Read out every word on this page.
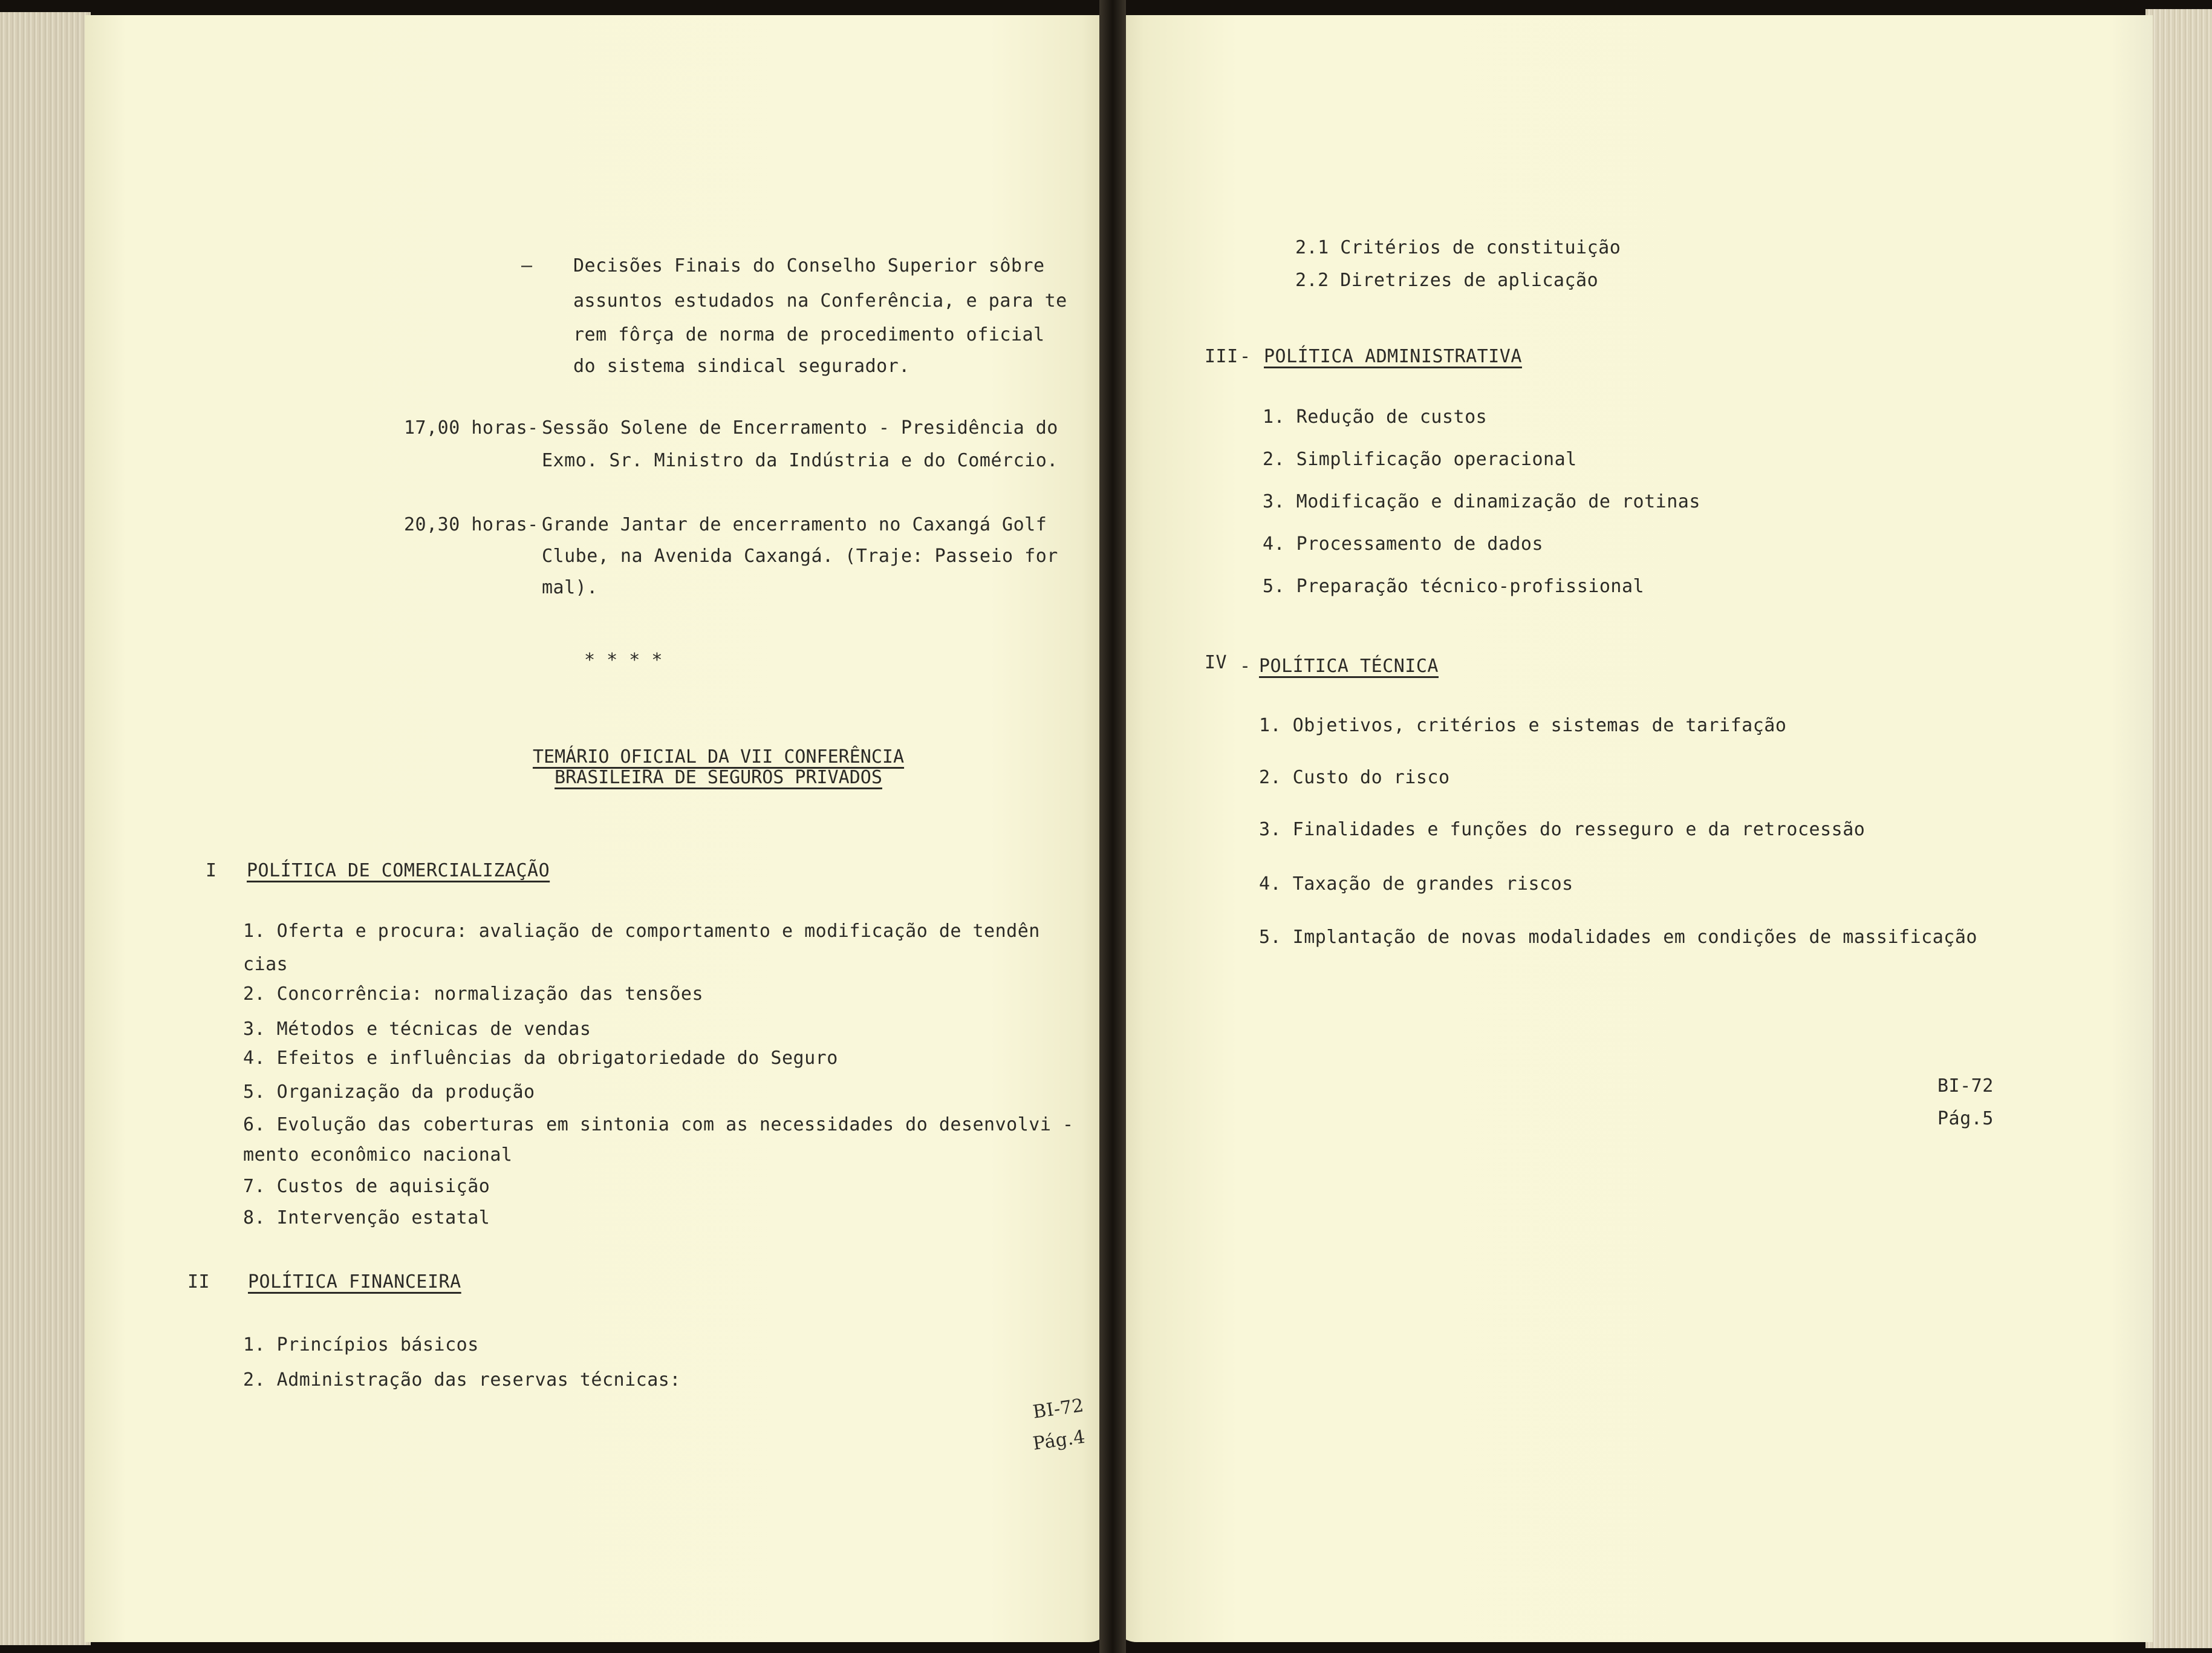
— Decisões Finais do Conselho Superior sôbre
assuntos estudados na Conferência, e para te
rem fôrça de norma de procedimento oficial
do sistema sindical segurador.
17,00 horas- Sessão Solene de Encerramento - Presidência do
Exmo. Sr. Ministro da Indústria e do Comércio.
20,30 horas- Grande Jantar de encerramento no Caxangá Golf
Clube, na Avenida Caxangá. (Traje: Passeio for
mal).
* * * *
TEMÁRIO OFICIAL DA VII CONFERÊNCIA
BRASILEIRA DE SEGUROS PRIVADOS
I POLÍTICA DE COMERCIALIZAÇÃO
1. Oferta e procura: avaliação de comportamento e modificação de tendên
cias
2. Concorrência: normalização das tensões
3. Métodos e técnicas de vendas
4. Efeitos e influências da obrigatoriedade do Seguro
5. Organização da produção
6. Evolução das coberturas em sintonia com as necessidades do desenvolvi -
mento econômico nacional
7. Custos de aquisição
8. Intervenção estatal
II POLÍTICA FINANCEIRA
1. Princípios básicos
2. Administração das reservas técnicas:
BI-72
Pág.4
2.1 Critérios de constituição
2.2 Diretrizes de aplicação
III - POLÍTICA ADMINISTRATIVA
1. Redução de custos
2. Simplificação operacional
3. Modificação e dinamização de rotinas
4. Processamento de dados
5. Preparação técnico-profissional
IV - POLÍTICA TÉCNICA
1. Objetivos, critérios e sistemas de tarifação
2. Custo do risco
3. Finalidades e funções do resseguro e da retrocessão
4. Taxação de grandes riscos
5. Implantação de novas modalidades em condições de massificação
BI-72
Pág.5
